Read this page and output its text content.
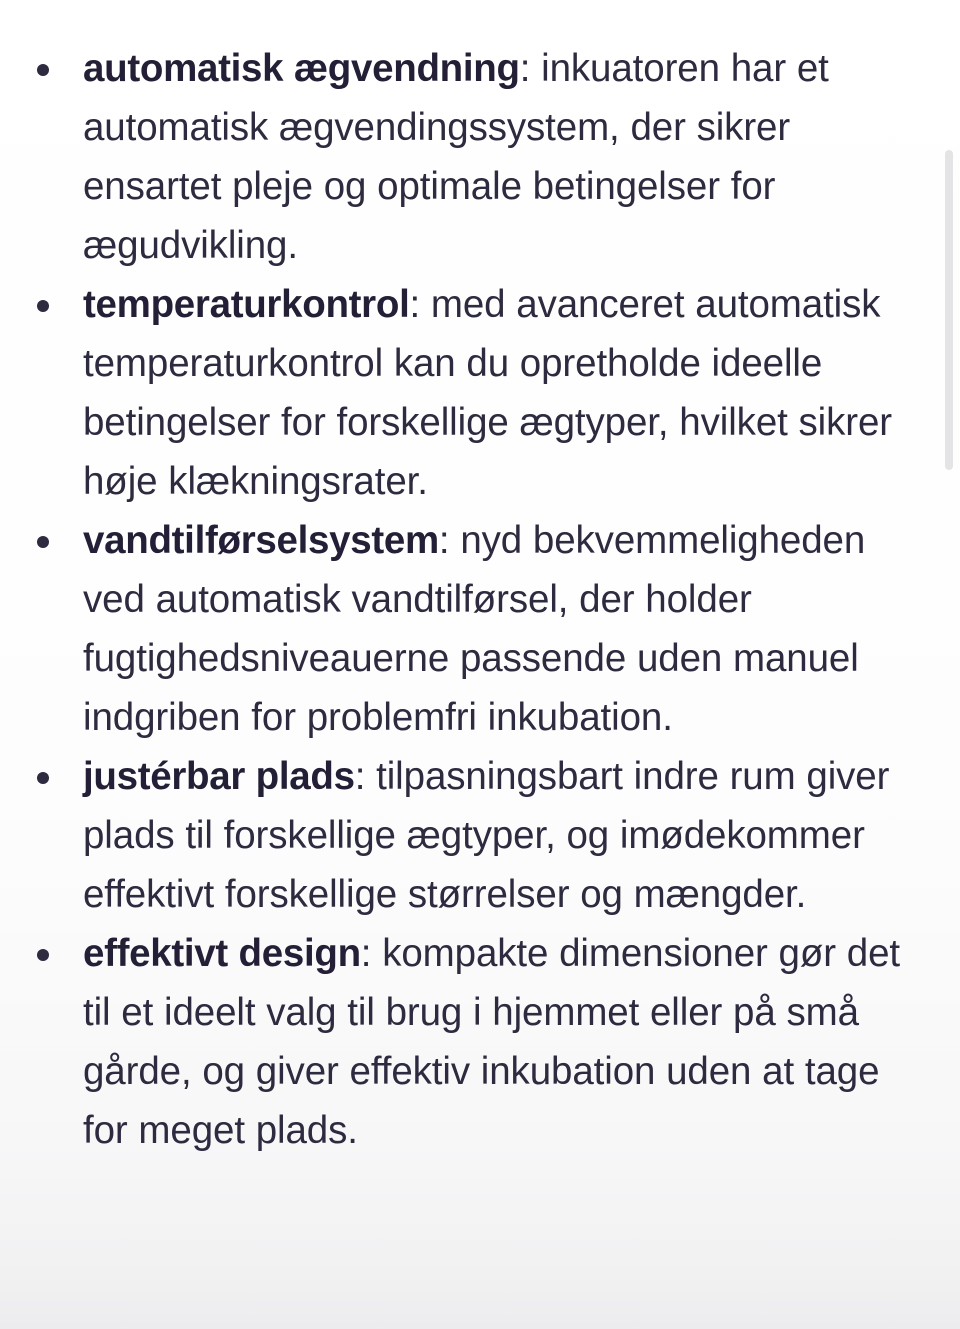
automatisk ægvendning: inkuatoren har et automatisk ægvendingssystem, der sikrer ensartet pleje og optimale betingelser for ægudvikling.
temperaturkontrol: med avanceret automatisk temperaturkontrol kan du opretholde ideelle betingelser for forskellige ægtyper, hvilket sikrer høje klækningsrater.
vandtilførselsystem: nyd bekvemmeligheden ved automatisk vandtilførsel, der holder fugtighedsniveauerne passende uden manuel indgriben for problemfri inkubation.
justérbar plads: tilpasningsbart indre rum giver plads til forskellige ægtyper, og imødekommer effektivt forskellige størrelser og mængder.
effektivt design: kompakte dimensioner gør det til et ideelt valg til brug i hjemmet eller på små gårde, og giver effektiv inkubation uden at tage for meget plads.
